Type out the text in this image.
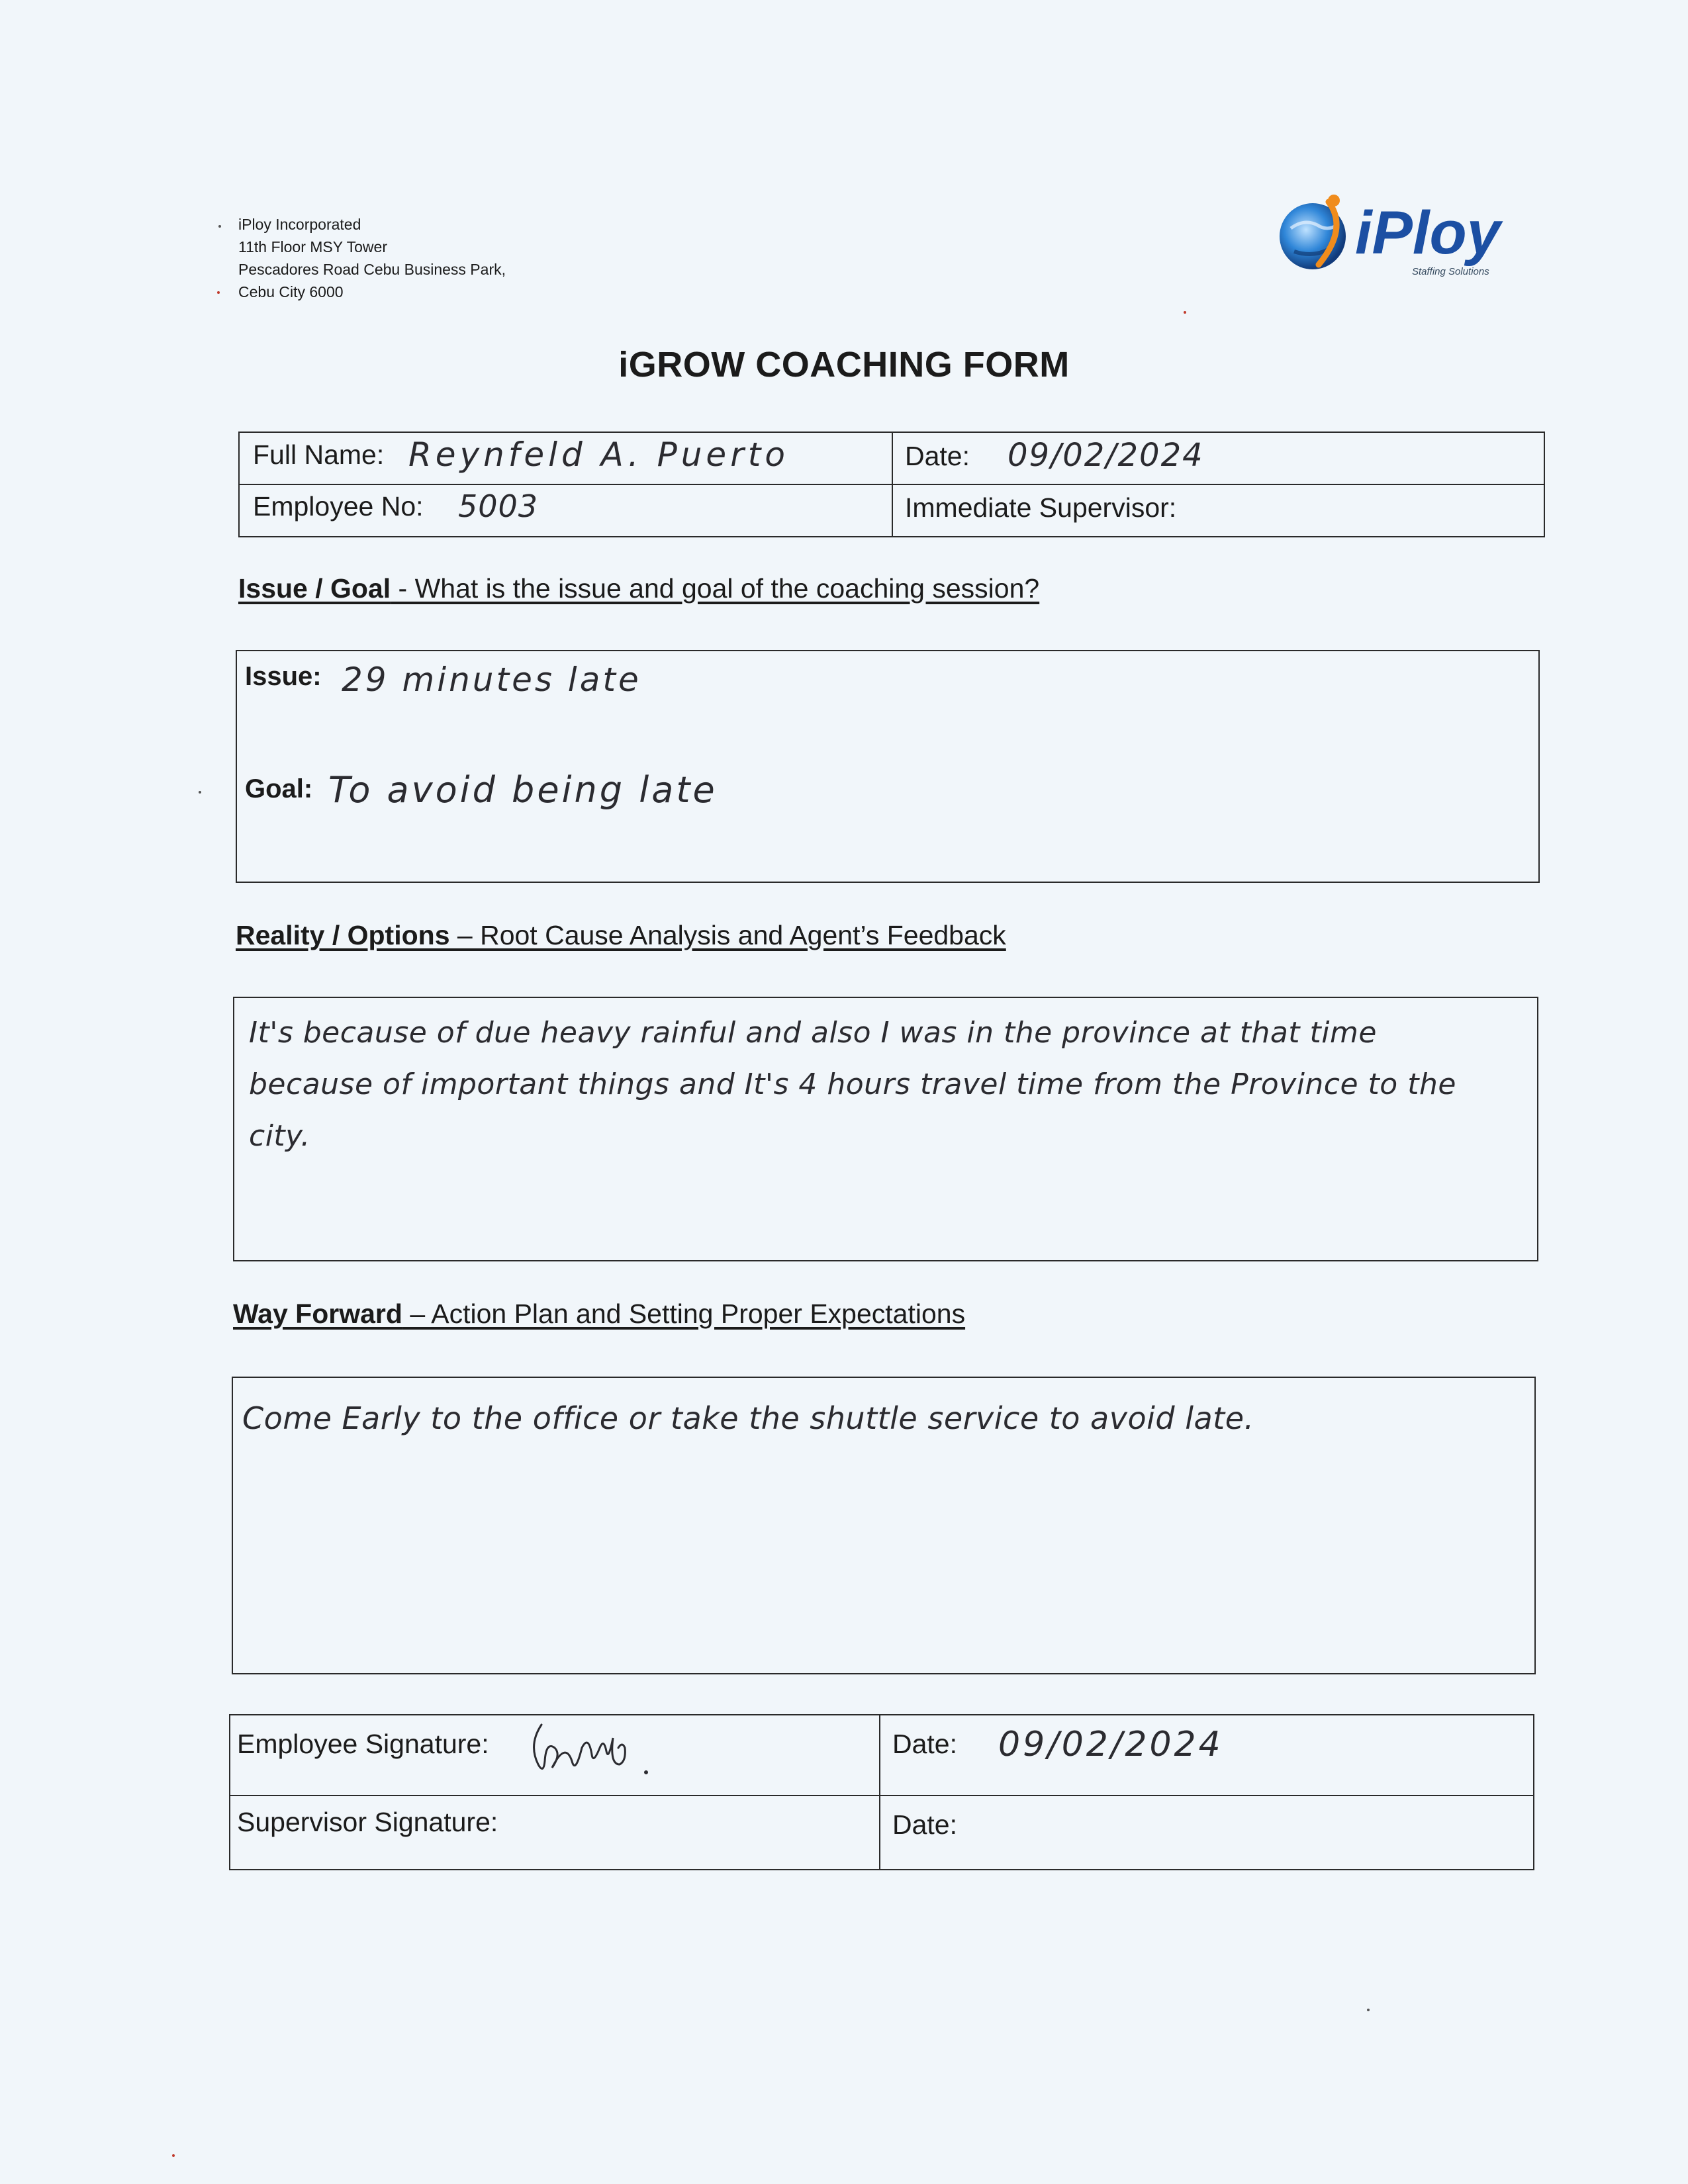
iPloy Incorporated
11th Floor MSY Tower
Pescadores Road Cebu Business Park,
Cebu City 6000
iPloy
Staffing Solutions
iGROW COACHING FORM
Full Name: Reynfeld A. Puerto	Date: 09/02/2024
Employee No: 5003	Immediate Supervisor:
Issue / Goal - What is the issue and goal of the coaching session?
Issue: 29 minutes late
Goal: To avoid being late
Reality / Options – Root Cause Analysis and Agent’s Feedback
It's because of due heavy rainful and also I was in the province at that time
because of important things and It's 4 hours travel time from the Province to the
city.
Way Forward – Action Plan and Setting Proper Expectations
Come Early to the office or take the shuttle service to avoid late.
Employee Signature:	Date: 09/02/2024
Supervisor Signature:	Date:
